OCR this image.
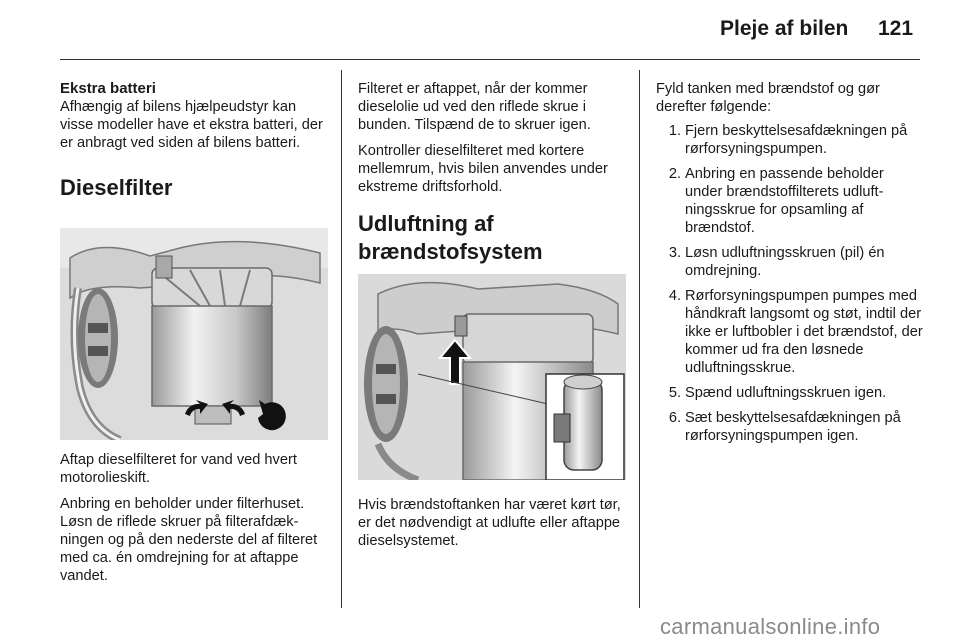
Pleje af bilen 121
Ekstra batteri

Afhængig af bilens hjælpeudstyr kan visse modeller have et ekstra batteri, der er anbragt ved siden af bilens batteri.

Dieselfilter

Aftap dieselfilteret for vand ved hvert motorolieskift.

Anbring en beholder under filterhuset. Løsn de riflede skruer på filterafdækningen og på den nederste del af filteret med ca. én omdrejning for at aftappe vandet.

Filteret er aftappet, når der kommer dieselolie ud ved den riflede skrue i bunden. Tilspænd de to skruer igen.

Kontroller dieselfilteret med kortere mellemrum, hvis bilen anvendes under ekstreme driftsforhold.

Udluftning af
brændstofsystem

Hvis brændstoftanken har været kørt tør, er det nødvendigt at udlufte eller aftappe dieselsystemet.

Fyld tanken med brændstof og gør derefter følgende:

1. Fjern beskyttelsesafdækningen på rørforsyningspumpen.
2. Anbring en passende beholder under brændstoffilterets udluftningsskrue for opsamling af brændstof.
3. Løsn udluftningsskruen (pil) én omdrejning.
4. Rørforsyningspumpen pumpes med håndkraft langsomt og støt, indtil der ikke er luftbobler i det brændstof, der kommer ud fra den løsnede udluftningsskrue.
5. Spænd udluftningsskruen igen.
6. Sæt beskyttelsesafdækningen på rørforsyningspumpen igen.
carmanualsonline.info
